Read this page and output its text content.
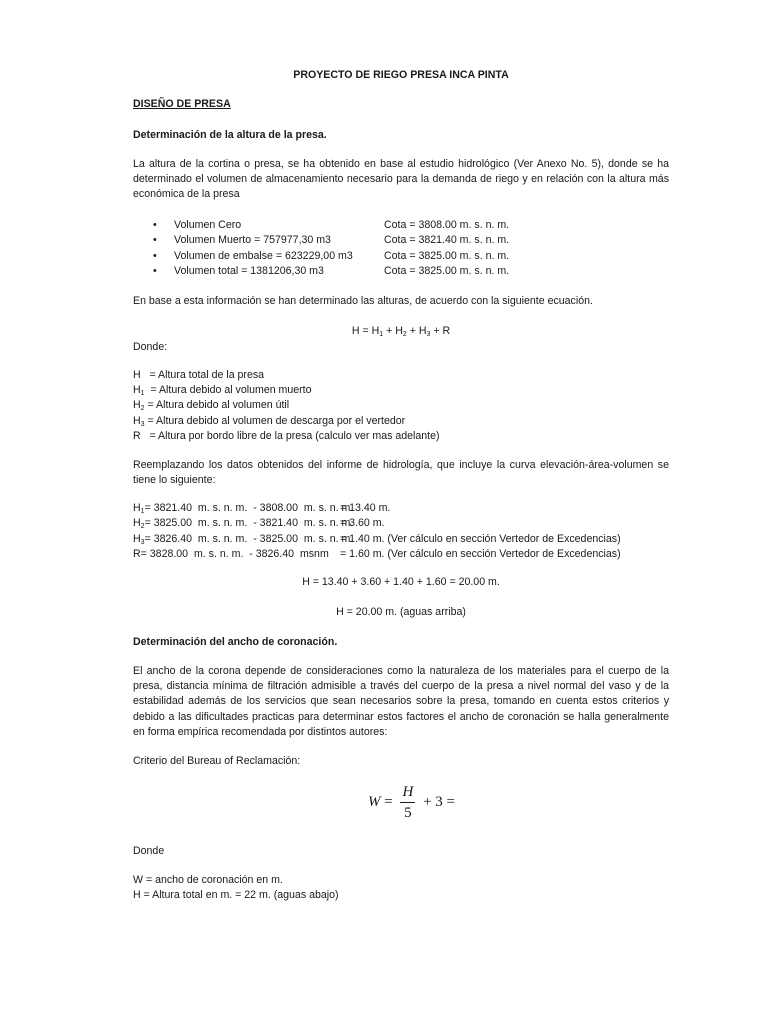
PROYECTO DE RIEGO PRESA INCA PINTA

DISEÑO DE PRESA

Determinación de la altura de la presa.

La altura de la cortina o presa, se ha obtenido en base al estudio hidrológico (Ver Anexo No. 5), donde se ha determinado el volumen de almacenamiento necesario para la demanda de riego y en relación con la altura más económica de la presa

• Volumen Cero	Cota = 3808.00 m. s. n. m.
• Volumen Muerto = 757977,30 m3	Cota = 3821.40 m. s. n. m.
• Volumen de embalse = 623229,00 m3	Cota = 3825.00 m. s. n. m.
• Volumen total = 1381206,30 m3	Cota = 3825.00 m. s. n. m.

En base a esta información se han determinado las alturas, de acuerdo con la siguiente ecuación.

$H = H_1 + H_2 + H_3 + R$

Donde:

H   = Altura total de la presa
$H_1$  = Altura debido al volumen muerto
$H_2$ = Altura debido al volumen útil
$H_3$ = Altura debido al volumen de descarga por el vertedor
R   = Altura por bordo libre de la presa (calculo ver mas adelante)

Reemplazando los datos obtenidos del informe de hidrología, que incluye la curva elevación-área-volumen se tiene lo siguiente:

$H_1= 3821.40$  m. s. n. m.  - 3808.00  m. s. n. m.
= 13.40 m.
$H_2= 3825.00$  m. s. n. m.  - 3821.40  m. s. n. m.
= 3.60 m.
$H_3= 3826.40$  m. s. n. m.  - 3825.00  m. s. n. m.
= 1.40 m. (Ver cálculo en sección Vertedor de Excedencias)
R= 3828.00  m. s. n. m.  - 3826.40  msnm = 1.60 m. (Ver cálculo en sección Vertedor de Excedencias)

H = 13.40 + 3.60 + 1.40 + 1.60 = 20.00 m.

H = 20.00 m. (aguas arriba)

Determinación del ancho de coronación.

El ancho de la corona depende de consideraciones como la naturaleza de los materiales para el cuerpo de la presa, distancia mínima de filtración admisible a través del cuerpo de la presa a nivel normal del vaso y de la estabilidad además de los servicios que sean necesarios sobre la presa, tomando en cuenta estos criterios y debido a las dificultades practicas para determinar estos factores el ancho de coronación se halla generalmente en forma empírica recomendada por distintos autores:

Criterio del Bureau of Reclamación:

$W = \frac{H}{5} + 3$ =

Donde

W = ancho de coronación en m.

H = Altura total en m. = 22 m. (aguas abajo)
